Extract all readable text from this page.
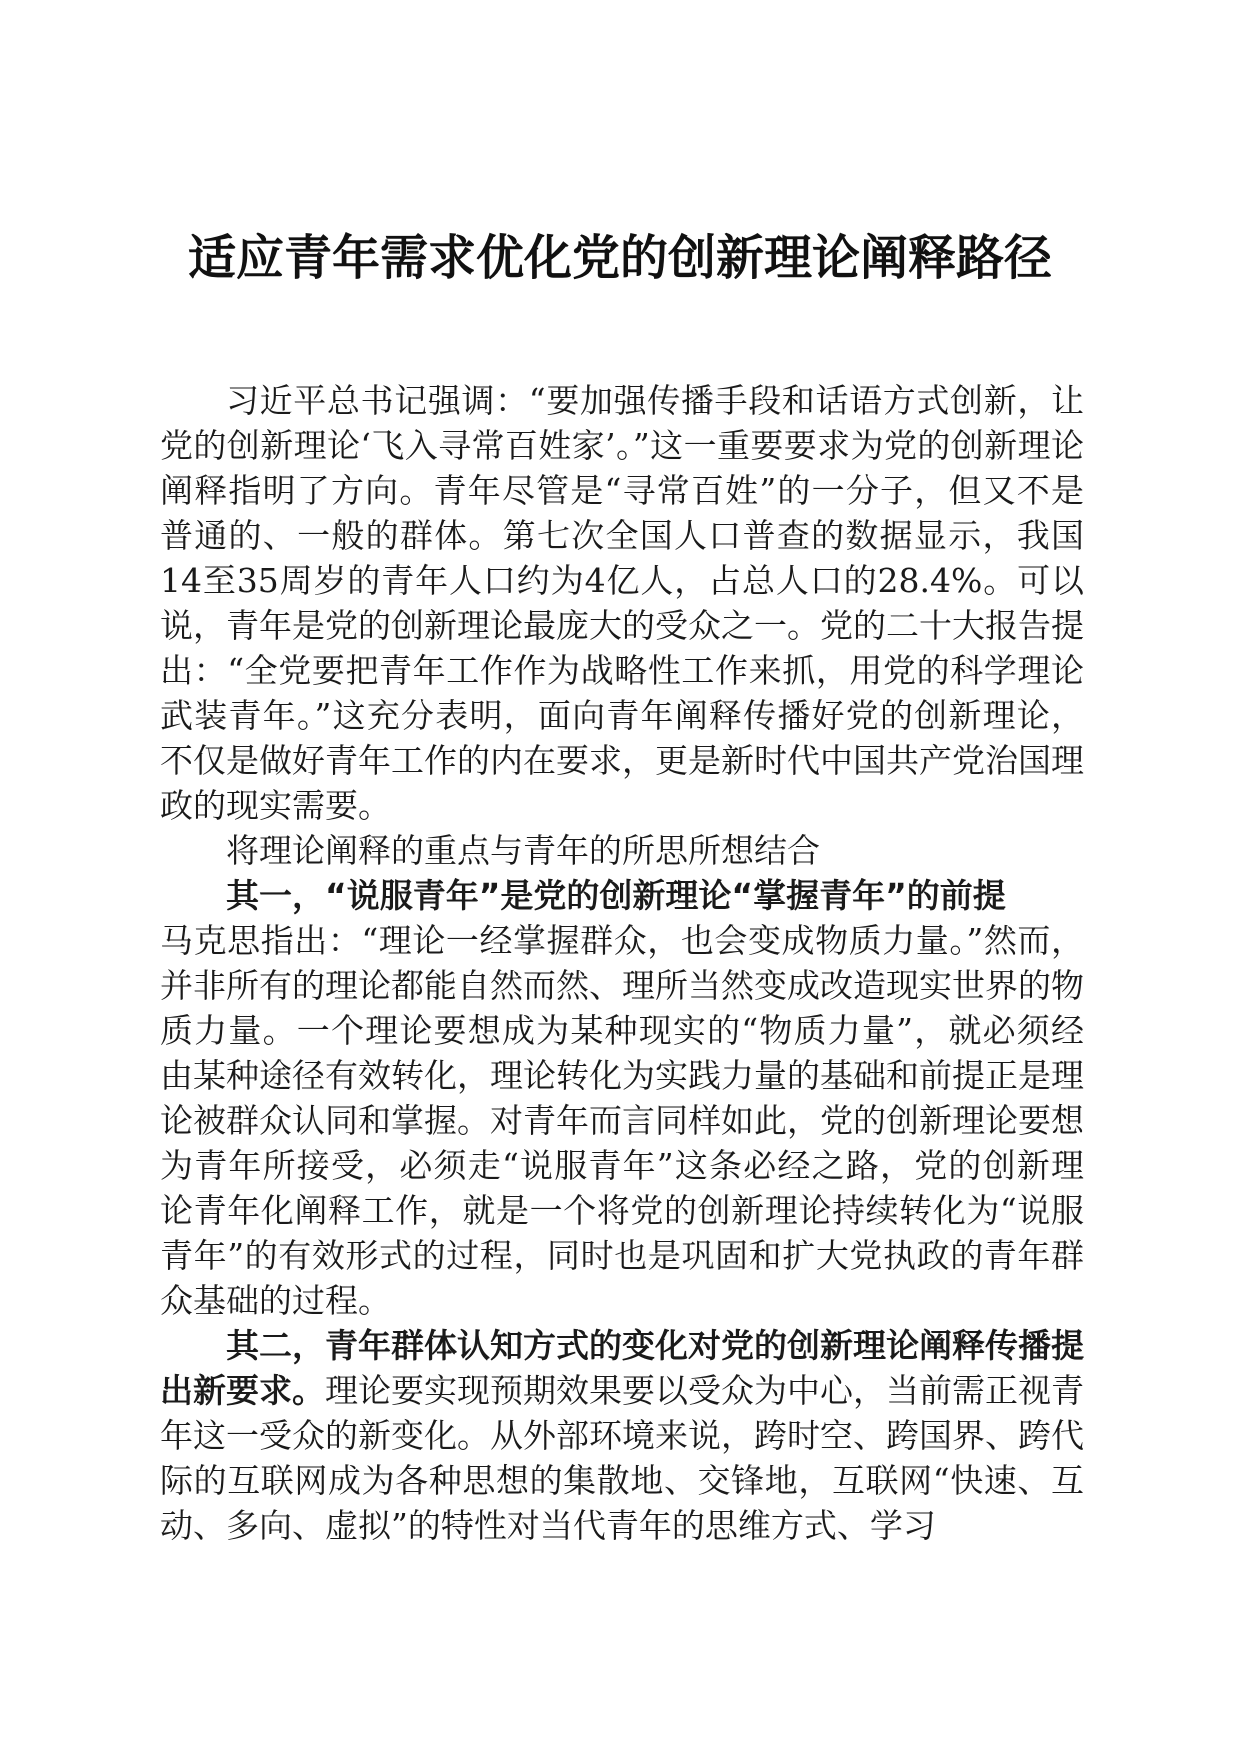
适应青年需求优化党的创新理论阐释路径

习近平总书记强调：“要加强传播手段和话语方式创新，让党的创新理论‘飞入寻常百姓家’。”这一重要要求为党的创新理论阐释指明了方向。青年尽管是“寻常百姓”的一分子，但又不是普通的、一般的群体。第七次全国人口普查的数据显示，我国14至35周岁的青年人口约为4亿人，占总人口的28.4%。可以说，青年是党的创新理论最庞大的受众之一。党的二十大报告提出：“全党要把青年工作作为战略性工作来抓，用党的科学理论武装青年。”这充分表明，面向青年阐释传播好党的创新理论，不仅是做好青年工作的内在要求，更是新时代中国共产党治国理政的现实需要。

将理论阐释的重点与青年的所思所想结合

其一，“说服青年”是党的创新理论“掌握青年”的前提

马克思指出：“理论一经掌握群众，也会变成物质力量。”然而，并非所有的理论都能自然而然、理所当然变成改造现实世界的物质力量。一个理论要想成为某种现实的“物质力量”，就必须经由某种途径有效转化，理论转化为实践力量的基础和前提正是理论被群众认同和掌握。对青年而言同样如此，党的创新理论要想为青年所接受，必须走“说服青年”这条必经之路，党的创新理论青年化阐释工作，就是一个将党的创新理论持续转化为“说服青年”的有效形式的过程，同时也是巩固和扩大党执政的青年群众基础的过程。

其二，青年群体认知方式的变化对党的创新理论阐释传播提出新要求。理论要实现预期效果要以受众为中心，当前需正视青年这一受众的新变化。从外部环境来说，跨时空、跨国界、跨代际的互联网成为各种思想的集散地、交锋地，互联网“快速、互动、多向、虚拟”的特性对当代青年的思维方式、学习
